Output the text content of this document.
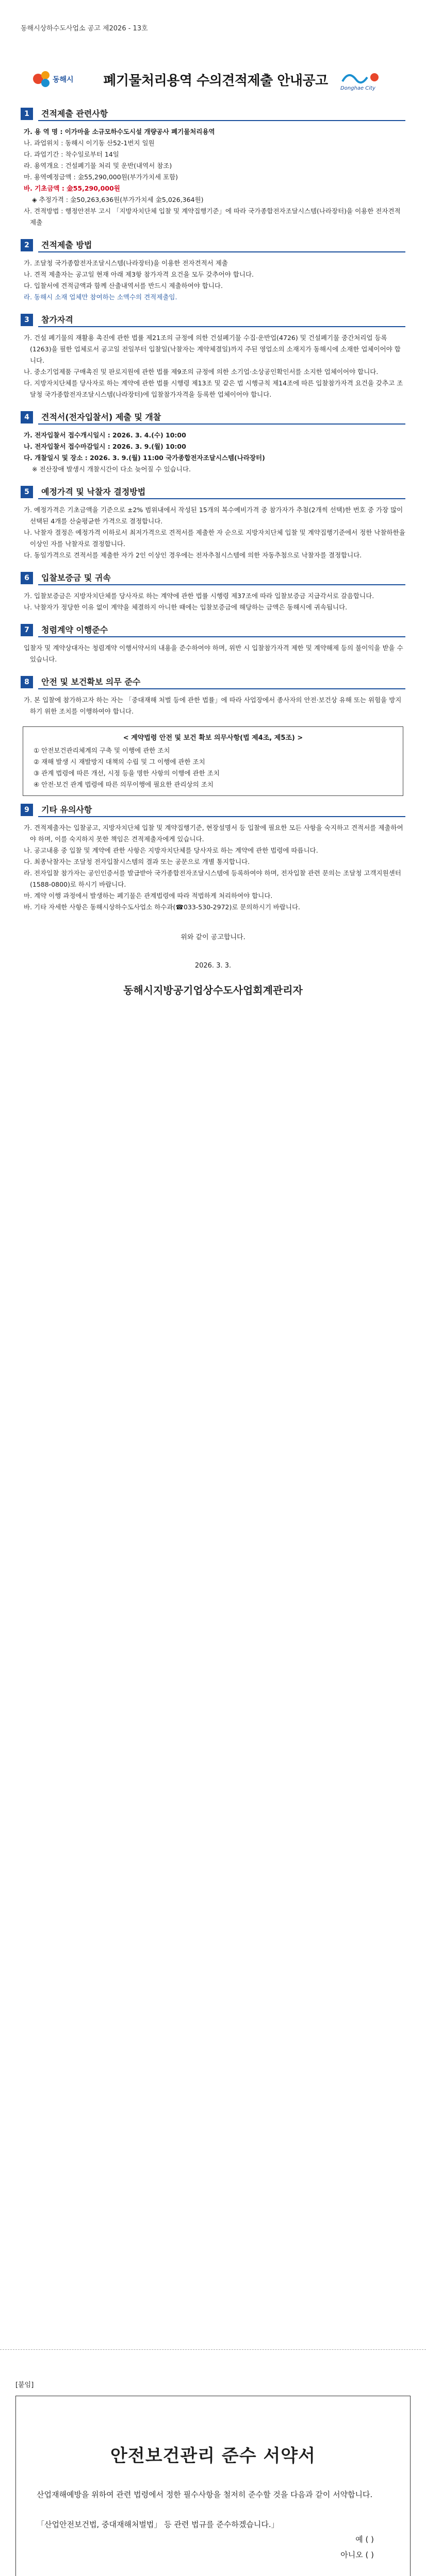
동해시상하수도사업소 공고 제2026 - 13호
동해시	폐기물처리용역 수의견적제출 안내공고	Donghae City
1	견적제출 관련사항
가. 용 역 명 : 이가마을 소규모하수도시설 개량공사 폐기물처리용역
나. 과업위치 : 동해시 이기동 산52-1번지 일원
다. 과업기간 : 착수일로부터 14일
라. 용역개요 : 건설폐기물 처리 및 운반(내역서 참조)
마. 용역예정금액 : 金55,290,000원(부가가치세 포함)
바. 기초금액 : 金55,290,000원
◈ 추정가격 : 金50,263,636원(부가가치세 金5,026,364원)
사. 견적방법 : 행정안전부 고시 「지방자치단체 입찰 및 계약집행기준」에 따라 국가종합전자조달시스템(나라장터)을 이용한 전자견적제출
2	견적제출 방법
가. 조달청 국가종합전자조달시스템(나라장터)을 이용한 전자견적서 제출
나. 견적 제출자는 공고일 현재 아래 제3항 참가자격 요건을 모두 갖추어야 합니다.
다. 입찰서에 견적금액과 함께 산출내역서를 반드시 제출하여야 합니다.
라. 동해시 소재 업체만 참여하는 소액수의 견적제출임.
3	참가자격
가. 건설 폐기물의 재활용 촉진에 관한 법률 제21조의 규정에 의한 건설폐기물 수집·운반업(4726) 및 건설폐기물 중간처리업 등록(1263)을 필한 업체로서 공고일 전일부터 입찰일(낙찰자는 계약체결일)까지 주된 영업소의 소재지가 동해시에 소재한 업체이어야 합니다.
나. 중소기업제품 구매촉진 및 판로지원에 관한 법률 제9조의 규정에 의한 소기업·소상공인확인서를 소지한 업체이어야 합니다.
다. 지방자치단체를 당사자로 하는 계약에 관한 법률 시행령 제13조 및 같은 법 시행규칙 제14조에 따른 입찰참가자격 요건을 갖추고 조달청 국가종합전자조달시스템(나라장터)에 입찰참가자격을 등록한 업체이어야 합니다.
4	견적서(전자입찰서) 제출 및 개찰
가. 전자입찰서 접수개시일시 : 2026. 3. 4.(수) 10:00
나. 전자입찰서 접수마감일시 : 2026. 3. 9.(월) 10:00
다. 개찰일시 및 장소 : 2026. 3. 9.(월) 11:00 국가종합전자조달시스템(나라장터)
※ 전산장애 발생시 개찰시간이 다소 늦어질 수 있습니다.
5	예정가격 및 낙찰자 결정방법
가. 예정가격은 기초금액을 기준으로 ±2% 범위내에서 작성된 15개의 복수예비가격 중 참가자가 추첨(2개씩 선택)한 번호 중 가장 많이 선택된 4개를 산술평균한 가격으로 결정합니다.
나. 낙찰자 결정은 예정가격 이하로서 최저가격으로 견적서를 제출한 자 순으로 지방자치단체 입찰 및 계약집행기준에서 정한 낙찰하한율 이상인 자를 낙찰자로 결정합니다.
다. 동일가격으로 견적서를 제출한 자가 2인 이상인 경우에는 전자추첨시스템에 의한 자동추첨으로 낙찰자를 결정합니다.
6	입찰보증금 및 귀속
가. 입찰보증금은 지방자치단체를 당사자로 하는 계약에 관한 법률 시행령 제37조에 따라 입찰보증금 지급각서로 갈음합니다.
나. 낙찰자가 정당한 이유 없이 계약을 체결하지 아니한 때에는 입찰보증금에 해당하는 금액은 동해시에 귀속됩니다.
7	청렴계약 이행준수
입찰자 및 계약상대자는 청렴계약 이행서약서의 내용을 준수하여야 하며, 위반 시 입찰참가자격 제한 및 계약해제 등의 불이익을 받을 수 있습니다.
8	안전 및 보건확보 의무 준수
가. 본 입찰에 참가하고자 하는 자는 「중대재해 처벌 등에 관한 법률」에 따라 사업장에서 종사자의 안전·보건상 유해 또는 위험을 방지하기 위한 조치를 이행하여야 합니다.
< 계약법령 안전 및 보건 확보 의무사항(법 제4조, 제5조) >
① 안전보건관리체계의 구축 및 이행에 관한 조치
② 재해 발생 시 재발방지 대책의 수립 및 그 이행에 관한 조치
③ 관계 법령에 따른 개선, 시정 등을 명한 사항의 이행에 관한 조치
④ 안전·보건 관계 법령에 따른 의무이행에 필요한 관리상의 조치
9	기타 유의사항
가. 견적제출자는 입찰공고, 지방자치단체 입찰 및 계약집행기준, 현장설명서 등 입찰에 필요한 모든 사항을 숙지하고 견적서를 제출하여야 하며, 이를 숙지하지 못한 책임은 견적제출자에게 있습니다.
나. 공고내용 중 입찰 및 계약에 관한 사항은 지방자치단체를 당사자로 하는 계약에 관한 법령에 따릅니다.
다. 최종낙찰자는 조달청 전자입찰시스템의 결과 또는 공문으로 개별 통지합니다.
라. 전자입찰 참가자는 공인인증서를 발급받아 국가종합전자조달시스템에 등록하여야 하며, 전자입찰 관련 문의는 조달청 고객지원센터(1588-0800)로 하시기 바랍니다.
마. 계약 이행 과정에서 발생하는 폐기물은 관계법령에 따라 적법하게 처리하여야 합니다.
바. 기타 자세한 사항은 동해시상하수도사업소 하수과(☎033-530-2972)로 문의하시기 바랍니다.
위와 같이 공고합니다.
2026. 3. 3.
동해시지방공기업상수도사업회계관리자
[붙임]
안전보건관리 준수 서약서
산업재해예방을 위하여 관련 법령에서 정한 필수사항을 철저히 준수할 것을 다음과 같이 서약합니다.
「산업안전보건법, 중대재해처벌법」 등 관련 법규를 준수하겠습니다.」
예 ( )
아니오 ( )
